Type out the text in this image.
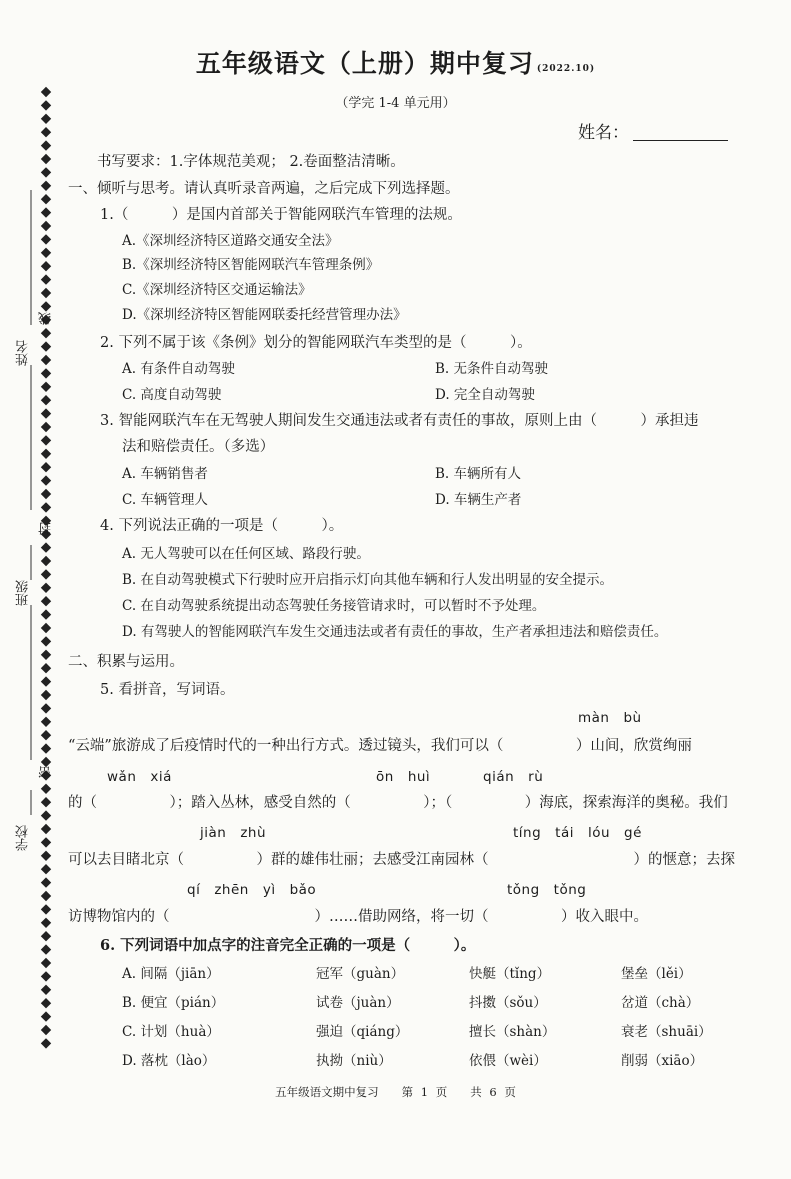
姓名
班级
学校
线
封
密
五年级语文（上册）期中复习 (2022.10)
（学完 1-4 单元用）
姓名：
书写要求：1.字体规范美观； 2.卷面整洁清晰。
一、倾听与思考。请认真听录音两遍，之后完成下列选择题。
1.（　　　）是国内首部关于智能网联汽车管理的法规。
A.《深圳经济特区道路交通安全法》
B.《深圳经济特区智能网联汽车管理条例》
C.《深圳经济特区交通运输法》
D.《深圳经济特区智能网联委托经营管理办法》
2. 下列不属于该《条例》划分的智能网联汽车类型的是（　　　）。
A. 有条件自动驾驶	B. 无条件自动驾驶
C. 高度自动驾驶	D. 完全自动驾驶
3. 智能网联汽车在无驾驶人期间发生交通违法或者有责任的事故，原则上由（　　　）承担违
法和赔偿责任。（多选）
A. 车辆销售者	B. 车辆所有人
C. 车辆管理人	D. 车辆生产者
4. 下列说法正确的一项是（　　　）。
A. 无人驾驶可以在任何区域、路段行驶。
B. 在自动驾驶模式下行驶时应开启指示灯向其他车辆和行人发出明显的安全提示。
C. 在自动驾驶系统提出动态驾驶任务接管请求时，可以暂时不予处理。
D. 有驾驶人的智能网联汽车发生交通违法或者有责任的事故，生产者承担违法和赔偿责任。
二、积累与运用。
5. 看拼音，写词语。
màn　bù
“云端”旅游成了后疫情时代的一种出行方式。透过镜头，我们可以（　　　　　）山间，欣赏绚丽
wǎn　xiá	ōn　huì	qián　rù
的（　　　　　）；踏入丛林，感受自然的（　　　　　）；（　　　　　）海底，探索海洋的奥秘。我们
jiàn　zhù	tíng　tái　lóu　gé
可以去目睹北京（　　　　　）群的雄伟壮丽；去感受江南园林（　　　　　　　　　　）的惬意；去探
qí　zhēn　yì　bǎo	tǒng　tǒng
访博物馆内的（　　　　　　　　　　）……借助网络，将一切（　　　　　）收入眼中。
6. 下列词语中加点字的注音完全正确的一项是（　　　）。
A. 间隔（jiān）	冠军（guàn）	快艇（tǐng）	堡垒（lěi）
B. 便宜（pián）	试卷（juàn）	抖擞（sǒu）	岔道（chà）
C. 计划（huà）	强迫（qiáng）	擅长（shàn）	衰老（shuāi）
D. 落枕（lào）	执拗（niù）	依偎（wèi）	削弱（xiāo）
五年级语文期中复习　　第 1 页　　共 6 页
